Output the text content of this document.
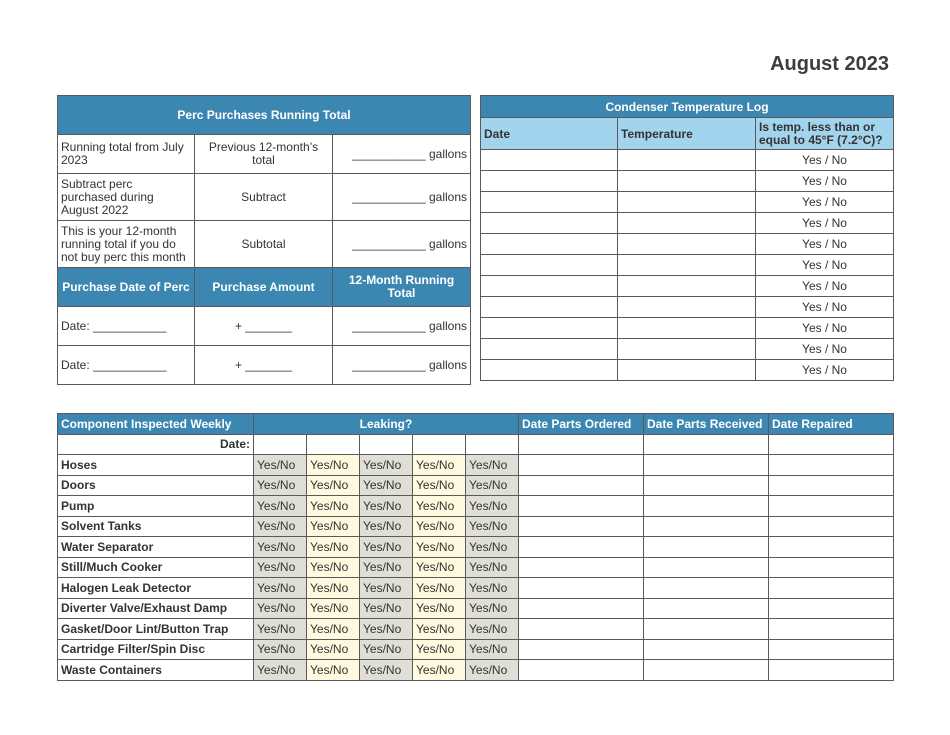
August 2023
Perc Purchases Running Total		
Running total from July 2023	Previous 12-month’s total	___________ gallons
Subtract perc purchased during August 2022	Subtract	___________ gallons
This is your 12-month running total if you do not buy perc this month	Subtotal	___________ gallons
Purchase Date of Perc	Purchase Amount	12-Month Running Total
Date: ___________	+ _______	___________ gallons
Date: ___________	+ _______	___________ gallons
Condenser Temperature Log		
Date	Temperature	Is temp. less than or equal to 45°F (7.2°C)?
		Yes / No
		Yes / No
		Yes / No
		Yes / No
		Yes / No
		Yes / No
		Yes / No
		Yes / No
		Yes / No
		Yes / No
		Yes / No
Component Inspected Weekly	Leaking?					Date Parts Ordered	Date Parts Received	Date Repaired
Date:								
Hoses	Yes/No	Yes/No	Yes/No	Yes/No	Yes/No			
Doors	Yes/No	Yes/No	Yes/No	Yes/No	Yes/No			
Pump	Yes/No	Yes/No	Yes/No	Yes/No	Yes/No			
Solvent Tanks	Yes/No	Yes/No	Yes/No	Yes/No	Yes/No			
Water Separator	Yes/No	Yes/No	Yes/No	Yes/No	Yes/No			
Still/Much Cooker	Yes/No	Yes/No	Yes/No	Yes/No	Yes/No			
Halogen Leak Detector	Yes/No	Yes/No	Yes/No	Yes/No	Yes/No			
Diverter Valve/Exhaust Damp	Yes/No	Yes/No	Yes/No	Yes/No	Yes/No			
Gasket/Door Lint/Button Trap	Yes/No	Yes/No	Yes/No	Yes/No	Yes/No			
Cartridge Filter/Spin Disc	Yes/No	Yes/No	Yes/No	Yes/No	Yes/No			
Waste Containers	Yes/No	Yes/No	Yes/No	Yes/No	Yes/No			
